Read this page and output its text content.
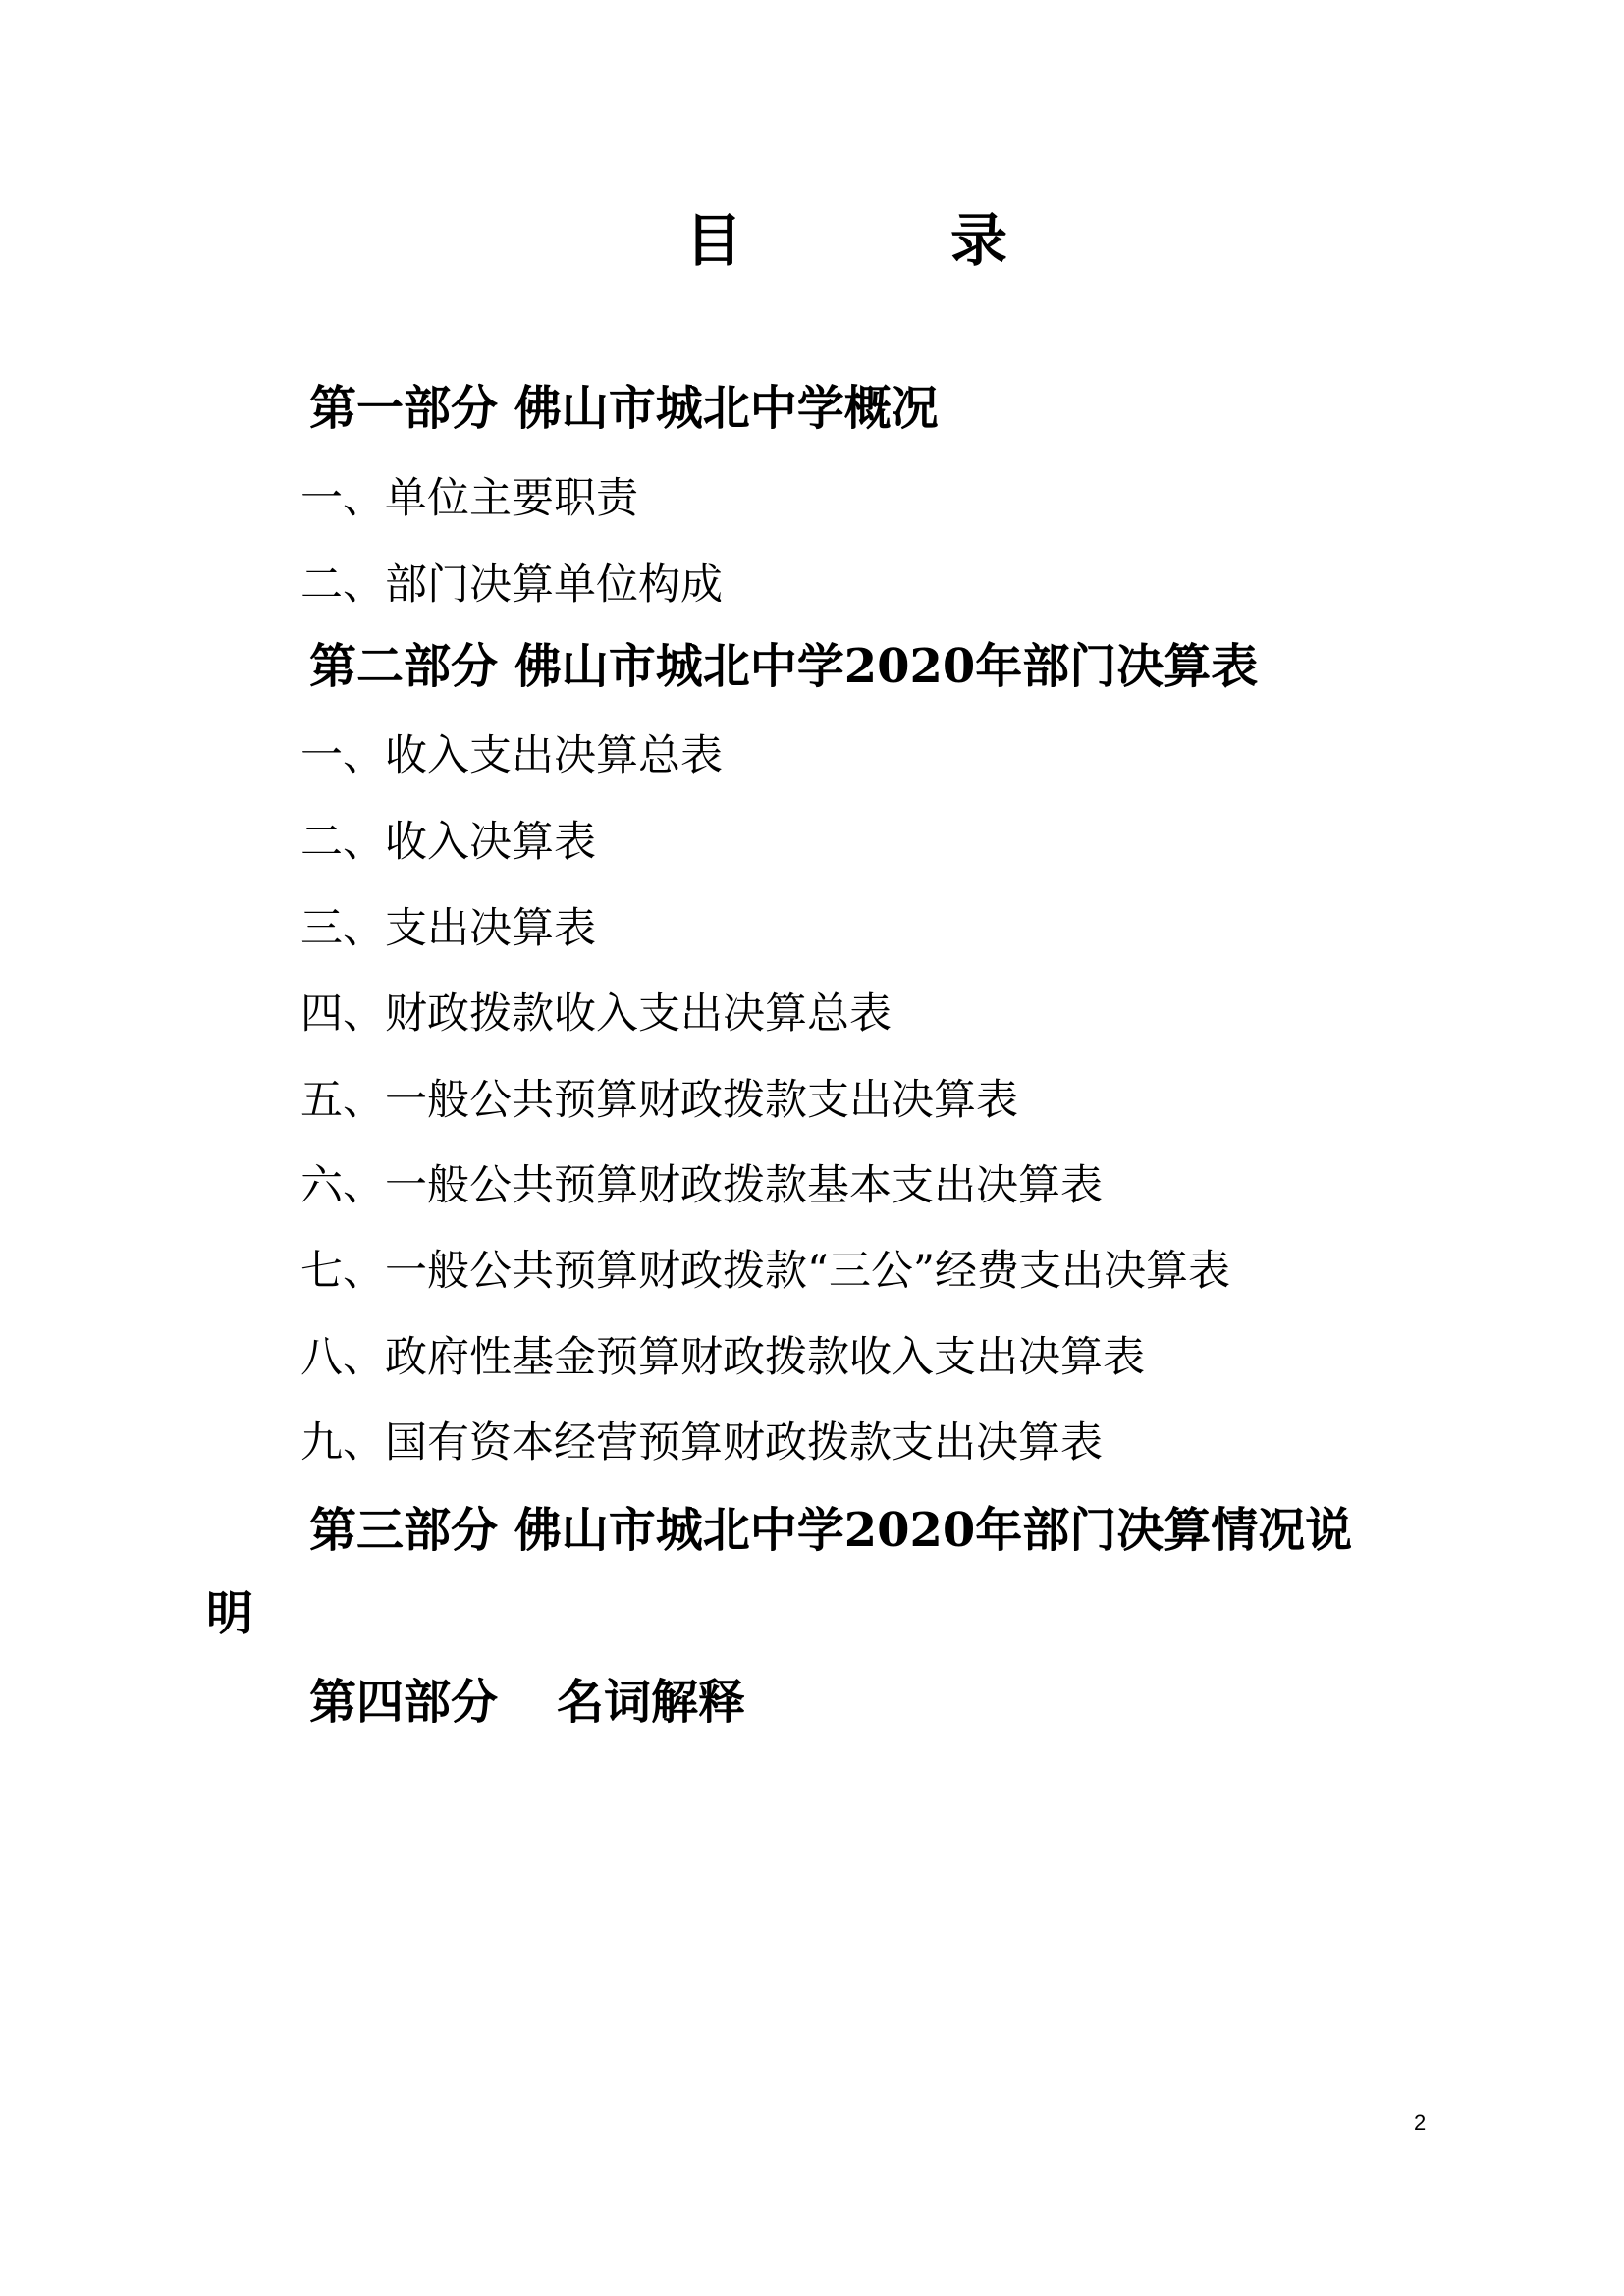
目	录
第一部分 佛山市城北中学概况
一、单位主要职责
二、部门决算单位构成
第二部分 佛山市城北中学2020年部门决算表
一、收入支出决算总表
二、收入决算表
三、支出决算表
四、财政拨款收入支出决算总表
五、一般公共预算财政拨款支出决算表
六、一般公共预算财政拨款基本支出决算表
七、一般公共预算财政拨款“三公”经费支出决算表
八、政府性基金预算财政拨款收入支出决算表
九、国有资本经营预算财政拨款支出决算表
第三部分 佛山市城北中学2020年部门决算情况说
明
第四部分 名词解释
2
